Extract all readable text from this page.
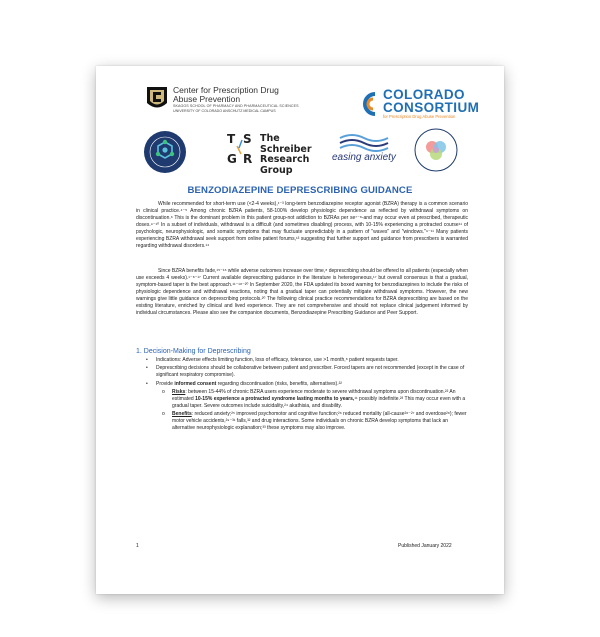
Center for Prescription Drug
Abuse Prevention
SKAGGS SCHOOL OF PHARMACY AND PHARMACEUTICAL SCIENCES
UNIVERSITY OF COLORADO ANSCHUTZ MEDICAL CAMPUS
COLORADO
CONSORTIUM
for Prescription Drug Abuse Prevention
T S
G R
The
Schreiber
Research
Group
easing anxiety
BENZODIAZEPINE DEPRESCRIBING GUIDANCE
While recommended for short-term use (<2-4 weeks),¹⁻³ long-term benzodiazepine receptor agonist (BZRA) therapy is a common scenario in clinical practice.⁴⁻⁵ Among chronic BZRA patients, 58-100% develop physiologic dependence as reflected by withdrawal symptoms on discontinuation.⁶ This is the dominant problem in this patient group-not addiction to BZRAs per se⁷⁻⁸-and may occur even at prescribed, therapeutic doses.⁹⁻¹⁰ In a subset of individuals, withdrawal is a difficult (and sometimes disabling) process, with 10-15% experiencing a protracted course¹¹ of psychologic, neurophysiologic, and somatic symptoms that may fluctuate unpredictably in a pattern of "waves" and "windows."⁹⁻¹¹ Many patients experiencing BZRA withdrawal seek support from online patient forums,¹³ suggesting that further support and guidance from prescribers is warranted regarding withdrawal disorders.¹⁴
Since BZRA benefits fade,¹⁵⁻¹⁶ while adverse outcomes increase over time,⁸ deprescribing should be offered to all patients (especially when use exceeds 4 weeks).¹⁻⁸⁻¹⁷ Current available deprescribing guidance in the literature is heterogeneous,¹⁷ but overall consensus is that a gradual, symptom-based taper is the best approach.¹¹⁻¹⁸⁻²⁰ In September 2020, the FDA updated its boxed warning for benzodiazepines to include the risks of physiologic dependence and withdrawal reactions, noting that a gradual taper can potentially mitigate withdrawal symptoms. However, the new warnings give little guidance on deprescribing protocols.²⁰ The following clinical practice recommendations for BZRA deprescribing are based on the existing literature, enriched by clinical and lived experience. They are not comprehensive and should not replace clinical judgement informed by individual circumstances. Please also see the companion documents, Benzodiazepine Prescribing Guidance and Peer Support.
1. Decision-Making for Deprescribing
• Indications: Adverse effects limiting function, loss of efficacy, tolerance, use >1 month,⁸ patient requests taper.
• Deprescribing decisions should be collaborative between patient and prescriber. Forced tapers are not recommended (except in the case of significant respiratory compromise).
• Provide informed consent regarding discontinuation (risks, benefits, alternatives).²²
o Risks: between 15-44% of chronic BZRA users experience moderate to severe withdrawal symptoms upon discontinuation.²² An estimated 10-15% experience a protracted syndrome lasting months to years,¹¹ possibly indefinite.²³ This may occur even with a gradual taper. Severe outcomes include suicidality,²⁴ akathisia, and disability.
o Benefits: reduced anxiety;²⁵ improved psychomotor and cognitive function;²⁶ reduced mortality (all-cause²⁶⁻²⁷ and overdose²⁸); fewer motor vehicle accidents,²⁹⁻³¹ falls,³² and drug interactions. Some individuals on chronic BZRA develop symptoms that lack an alternative neurophysiologic explanation;³³ these symptoms may also improve.
1	Published January 2022
